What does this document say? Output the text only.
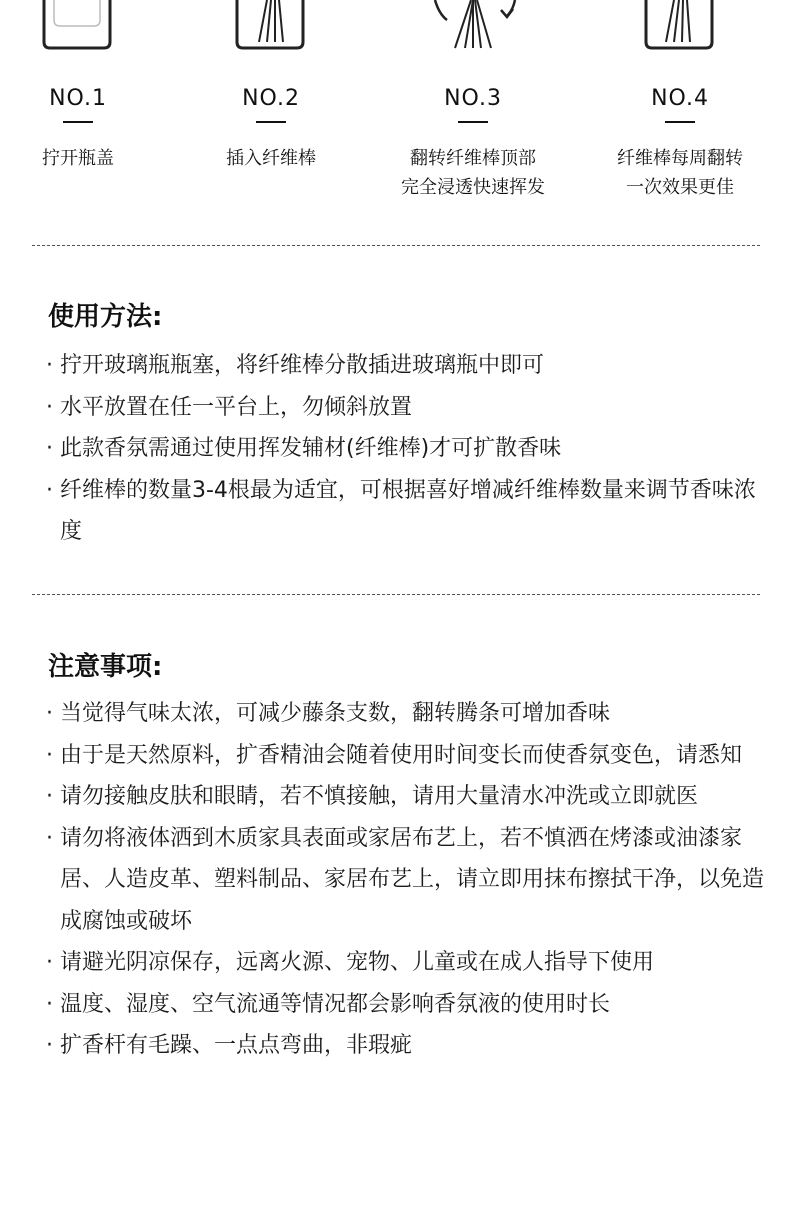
NO.1
拧开瓶盖
NO.2
插入纤维棒
NO.3
翻转纤维棒顶部
完全浸透快速挥发
NO.4
纤维棒每周翻转
一次效果更佳
使用方法:
· 拧开玻璃瓶瓶塞，将纤维棒分散插进玻璃瓶中即可
· 水平放置在任一平台上，勿倾斜放置
· 此款香氛需通过使用挥发辅材(纤维棒)才可扩散香味
· 纤维棒的数量3-4根最为适宜，可根据喜好增减纤维棒数量来调节香味浓度
注意事项:
· 当觉得气味太浓，可减少藤条支数，翻转腾条可增加香味
· 由于是天然原料，扩香精油会随着使用时间变长而使香氛变色，请悉知
· 请勿接触皮肤和眼睛，若不慎接触，请用大量清水冲洗或立即就医
· 请勿将液体洒到木质家具表面或家居布艺上，若不慎洒在烤漆或油漆家居、人造皮革、塑料制品、家居布艺上，请立即用抹布擦拭干净，以免造成腐蚀或破坏
· 请避光阴凉保存，远离火源、宠物、儿童或在成人指导下使用
· 温度、湿度、空气流通等情况都会影响香氛液的使用时长
· 扩香杆有毛躁、一点点弯曲，非瑕疵
